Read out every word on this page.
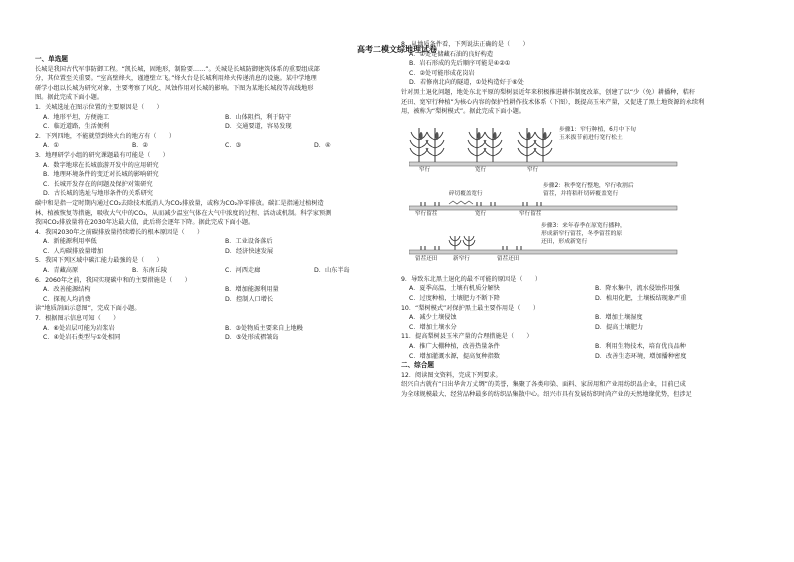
高考二模文综地理试卷
一、单选题
长城是我国古代军事防御工程。“凯长城，固地形，制险要……”。关城是长城防御建筑体系的重要组成部
分，其位置至关重要。“室高壁烽火，谨遵壁立飞。”烽火台是长城利用烽火传递消息的设施。某中学地理
研学小组以长城为研究对象，主要考察了风化、风蚀作用对长城的影响。下图为某地长城段等高线地形
图。据此完成下面小题。
1．关城选址在图示位置的主要原因是（　　）
A．地形平坦，方便施工	B．山体阻挡，利于防守
C．临近道路，生活便利	D．交通要道，容易发现
2．下列四地，不能就望到烽火台的地方有（　　）
A．①	B．②	C．③	D．④
3．地理研学小组的研究课题最有可能是（　　）
A．数字地球在长城旅游开发中的应用研究
B．地理环境条件的变迁对长城的影响研究
C．长城开发存在的问题及保护对策研究
D．古长城的选址与地形条件的关系研究
碳中和是指一定时期内通过CO₂去除技术抵消人为CO₂排放量，或称为CO₂净零排放。碳汇是指通过植树造
林、植被恢复等措施，吸收大气中的CO₂，从而减少温室气体在大气中浓度的过程、活动或机制。科学家预测
我国CO₂排放量将在2030年达最大值，此后将会逐年下降。据此完成下面小题。
4．我国2030年之前碳排放量持续增长的根本原因是（　　）
A．新能源利用率低	B．工业设备落后
C．人均碳排放量增加	D．经济快速发展
5．我国下列区域中碳汇能力最強的是（　　）
A．青藏高原	B．东南丘陵	C．河西走廊	D．山东半岛
6．2060年之前，我国实现碳中和的主要措施是（　　）
A．改善能源结构	B．增加能源利用量
C．探视人均消费	D．控制人口增长
读“地质剖面示意图”，完成下面小题。
7．根据图示信息可知（　　）
A．⑥处岩层可能为岩浆岩	B．③处物质主要来自上地幔
C．④处岩石类型与①处相同	D．⑤处形成褶皱岛
8．从地质条件看，下列说法正确的是（　　）
A．①处是储藏石油的良好构造
B．岩石形成的先后顺序可能是④②①
C．②处可能形成花岗岩
D．若修南北向的隧道，①处构造好于⑥处
针对黑土退化问题，地处东北平原的梨树县近年来积极推进耕作制度改革，创建了以“少（免）耕播种，秸秆
还田、宽窄行种植”为核心内容的保护性耕作技术体系（下图），既提高玉米产量，又促进了黑土地资源的永续利
用，被称为“梨树模式”。据此完成下面小题。
步骤1：窄行种植，6月中下旬
玉米拔节前进行宽行松土
窄行	宽行	窄行
碎切覆盖宽行
步骤2：秋季宽行整地，窄行收割后
留茬，并将秸秆切碎覆盖宽行
窄行留茬	宽行	窄行留茬
步骤3：来年春季在原宽行播种，
形成新窄行留茬，冬季留茬的原
还田，形成新宽行
留茬还田	新窄行	留茬还田
9．导致东北黑土退化的最不可能的原因是（　　）
A．夏季高温，土壤有机质分解快	B．降水集中，流水侵蚀作用强
C．过度种植，土壤肥力不断下降	D．植用化肥，土壤板结现象严重
10．“梨树模式”对保护黑土最主要作用是（　　）
A．减少土壤侵蚀	B．增加土壤湿度
C．增加土壤水分	D．提高土壤肥力
11．提高梨树县玉米产量的合理措施是（　　）
A．推广大棚种植，改善热量条件	B．利用生物技术，培育优良品种
C．增加灌溉水源，提高复种指数	D．改善生态环境，增加播种密度
二、综合题
12．阅读图文资料，完成下列要求。
绍兴自古就有“日出华舍万丈绸”的美誉，集聚了各类印染、面料、家居用和产业用纺织品企业，目前已成
为全球规模最大、经营品种最多的纺织品集散中心。绍兴市具有发展纺织时尚产业的天然地缘优势，但涉足
